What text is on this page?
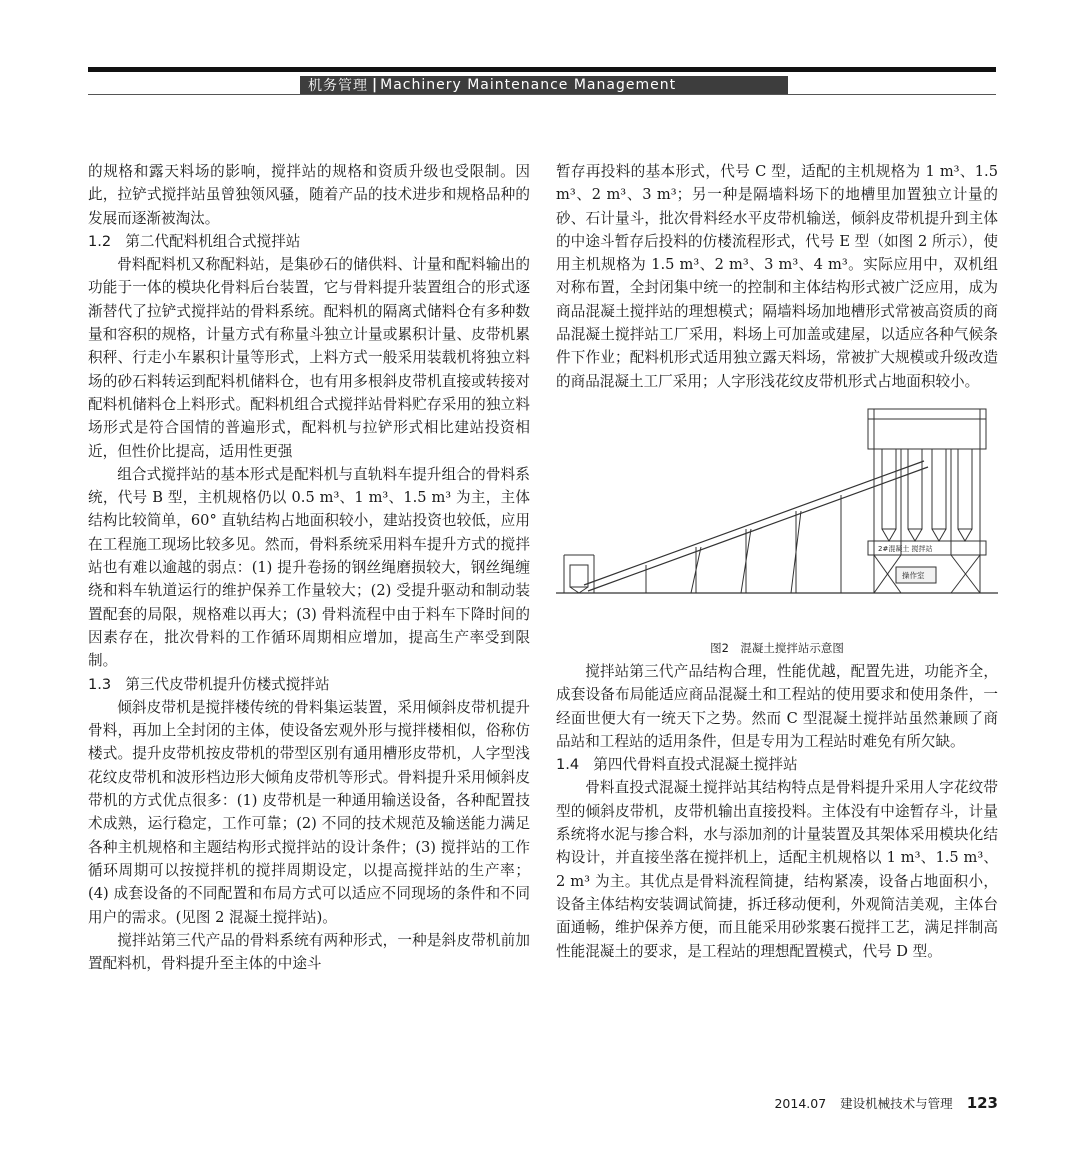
机务管理 | Machinery Maintenance Management

的规格和露天料场的影响，搅拌站的规格和资质升级也受限制。因此，拉铲式搅拌站虽曾独领风骚，随着产品的技术进步和规格品种的发展而逐渐被淘汰。

1.2 第二代配料机组合式搅拌站

骨料配料机又称配料站，是集砂石的储供料、计量和配料输出的功能于一体的模块化骨料后台装置，它与骨料提升装置组合的形式逐渐替代了拉铲式搅拌站的骨料系统。配料机的隔离式储料仓有多种数量和容积的规格，计量方式有称量斗独立计量或累积计量、皮带机累积秤、行走小车累积计量等形式，上料方式一般采用装载机将独立料场的砂石料转运到配料机储料仓，也有用多根斜皮带机直接或转接对配料机储料仓上料形式。配料机组合式搅拌站骨料贮存采用的独立料场形式是符合国情的普遍形式，配料机与拉铲形式相比建站投资相近，但性价比提高，适用性更强

组合式搅拌站的基本形式是配料机与直轨料车提升组合的骨料系统，代号 B 型，主机规格仍以 0.5 m³、1 m³、1.5 m³ 为主，主体结构比较简单，60° 直轨结构占地面积较小，建站投资也较低，应用在工程施工现场比较多见。然而，骨料系统采用料车提升方式的搅拌站也有难以逾越的弱点：(1) 提升卷扬的钢丝绳磨损较大，钢丝绳缠绕和料车轨道运行的维护保养工作量较大；(2) 受提升驱动和制动装置配套的局限，规格难以再大；(3) 骨料流程中由于料车下降时间的因素存在，批次骨料的工作循环周期相应增加，提高生产率受到限制。

1.3 第三代皮带机提升仿楼式搅拌站

倾斜皮带机是搅拌楼传统的骨料集运装置，采用倾斜皮带机提升骨料，再加上全封闭的主体，使设备宏观外形与搅拌楼相似，俗称仿楼式。提升皮带机按皮带机的带型区别有通用槽形皮带机，人字型浅花纹皮带机和波形档边形大倾角皮带机等形式。骨料提升采用倾斜皮带机的方式优点很多：(1) 皮带机是一种通用输送设备，各种配置技术成熟，运行稳定，工作可靠；(2) 不同的技术规范及输送能力满足各种主机规格和主题结构形式搅拌站的设计条件；(3) 搅拌站的工作循环周期可以按搅拌机的搅拌周期设定，以提高搅拌站的生产率；(4) 成套设备的不同配置和布局方式可以适应不同现场的条件和不同用户的需求。(见图 2 混凝土搅拌站)。

搅拌站第三代产品的骨料系统有两种形式，一种是斜皮带机前加置配料机，骨料提升至主体的中途斗

暂存再投料的基本形式，代号 C 型，适配的主机规格为 1 m³、1.5 m³、2 m³、3 m³；另一种是隔墙料场下的地槽里加置独立计量的砂、石计量斗，批次骨料经水平皮带机输送，倾斜皮带机提升到主体的中途斗暂存后投料的仿楼流程形式，代号 E 型（如图 2 所示），使用主机规格为 1.5 m³、2 m³、3 m³、4 m³。实际应用中，双机组对称布置，全封闭集中统一的控制和主体结构形式被广泛应用，成为商品混凝土搅拌站的理想模式；隔墙料场加地槽形式常被高资质的商品混凝土搅拌站工厂采用，料场上可加盖或建屋，以适应各种气候条件下作业；配料机形式适用独立露天料场，常被扩大规模或升级改造的商品混凝土工厂采用；人字形浅花纹皮带机形式占地面积较小。

2#混凝土 搅拌站
操作室
图2　混凝土搅拌站示意图

搅拌站第三代产品结构合理，性能优越，配置先进，功能齐全，成套设备布局能适应商品混凝土和工程站的使用要求和使用条件，一经面世便大有一统天下之势。然而 C 型混凝土搅拌站虽然兼顾了商品站和工程站的适用条件，但是专用为工程站时难免有所欠缺。

1.4 第四代骨料直投式混凝土搅拌站

骨料直投式混凝土搅拌站其结构特点是骨料提升采用人字花纹带型的倾斜皮带机，皮带机输出直接投料。主体没有中途暂存斗，计量系统将水泥与掺合料，水与添加剂的计量装置及其架体采用模块化结构设计，并直接坐落在搅拌机上，适配主机规格以 1 m³、1.5 m³、2 m³ 为主。其优点是骨料流程简捷，结构紧凑，设备占地面积小，设备主体结构安装调试简捷，拆迁移动便利，外观简洁美观，主体台面通畅，维护保养方便，而且能采用砂浆裹石搅拌工艺，满足拌制高性能混凝土的要求，是工程站的理想配置模式，代号 D 型。

2014.07 建设机械技术与管理 123
